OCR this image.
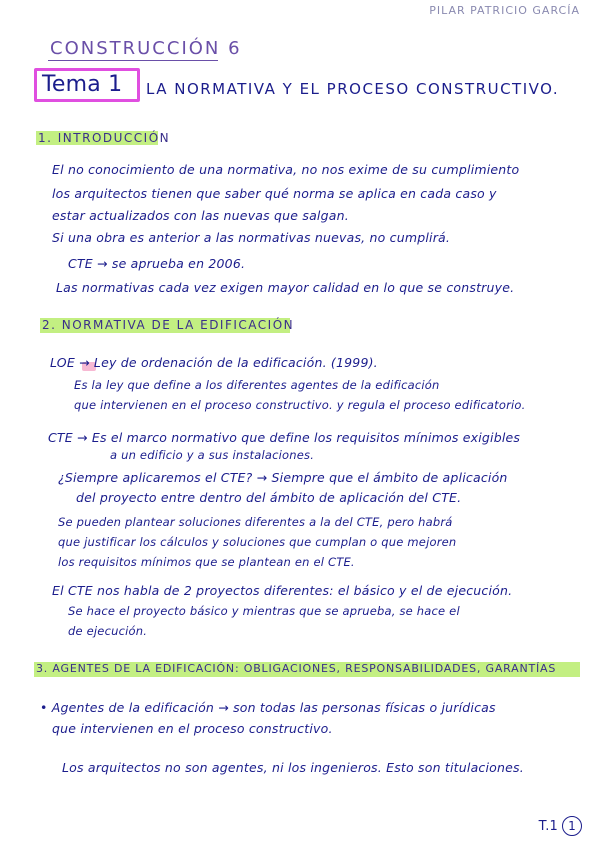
PILAR PATRICIO GARCÍA
CONSTRUCCIÓN 6
Tema 1 LA NORMATIVA Y EL PROCESO CONSTRUCTIVO.
1. INTRODUCCIÓN
El no conocimiento de una normativa, no nos exime de su cumplimiento
los arquitectos tienen que saber qué norma se aplica en cada caso y
estar actualizados con las nuevas que salgan.
Si una obra es anterior a las normativas nuevas, no cumplirá.
CTE → se aprueba en 2006.
Las normativas cada vez exigen mayor calidad en lo que se construye.
2. NORMATIVA DE LA EDIFICACIÓN
LOE → Ley de ordenación de la edificación. (1999).
Es la ley que define a los diferentes agentes de la edificación
que intervienen en el proceso constructivo. y regula el proceso edificatorio.
CTE → Es el marco normativo que define los requisitos mínimos exigibles
a un edificio y a sus instalaciones.
¿Siempre aplicaremos el CTE? → Siempre que el ámbito de aplicación
del proyecto entre dentro del ámbito de aplicación del CTE.
Se pueden plantear soluciones diferentes a la del CTE, pero habrá
que justificar los cálculos y soluciones que cumplan o que mejoren
los requisitos mínimos que se plantean en el CTE.
El CTE nos habla de 2 proyectos diferentes: el básico y el de ejecución.
Se hace el proyecto básico y mientras que se aprueba, se hace el
de ejecución.
3. AGENTES DE LA EDIFICACIÓN: OBLIGACIONES, RESPONSABILIDADES, GARANTÍAS
• Agentes de la edificación → son todas las personas físicas o jurídicas
que intervienen en el proceso constructivo.
Los arquitectos no son agentes, ni los ingenieros. Esto son titulaciones.
T.1 1
